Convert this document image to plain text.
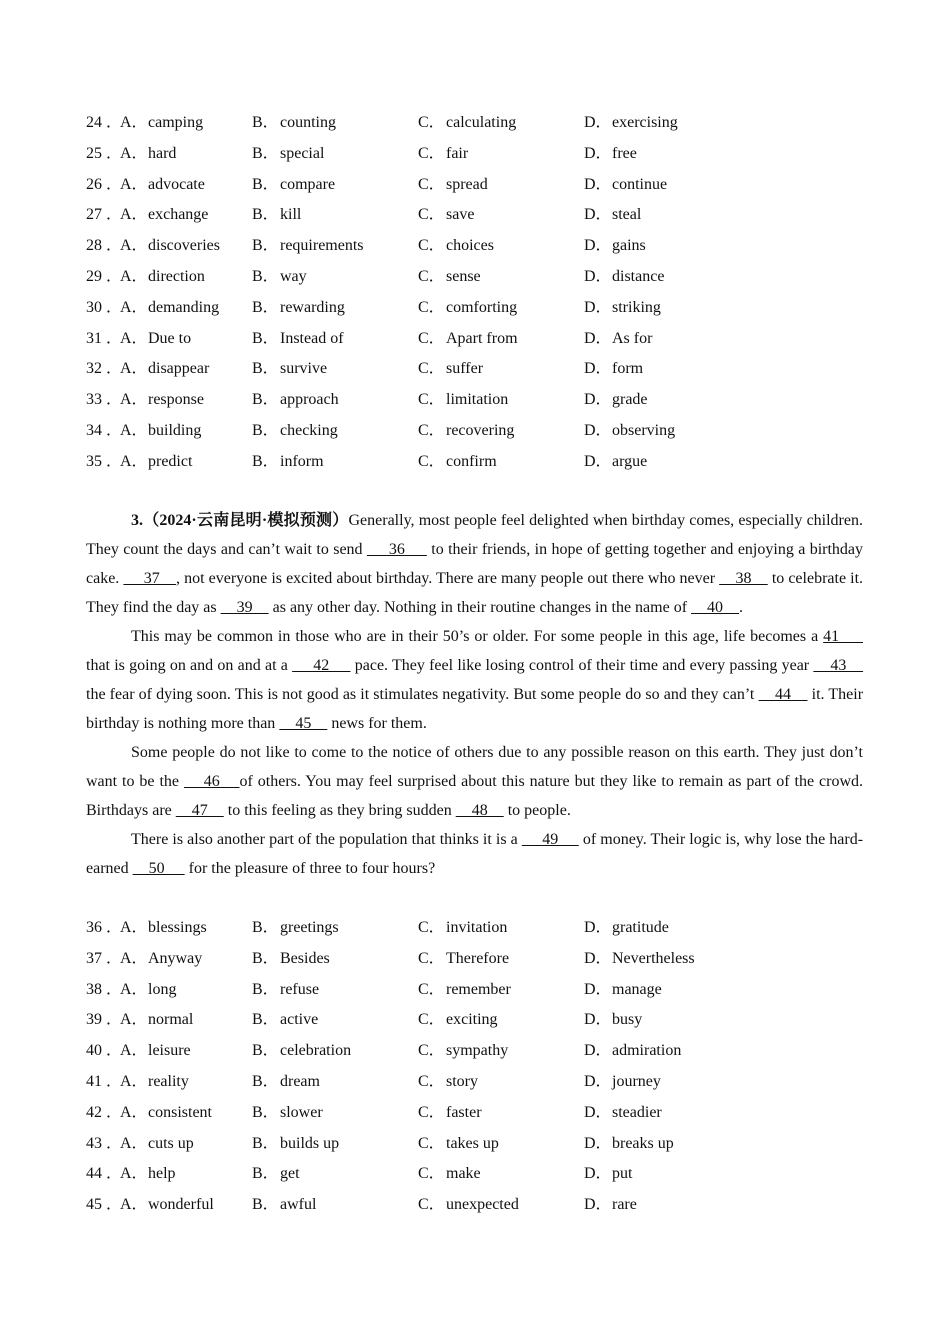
24 ．
A．camping	B．counting	C．calculating	D．exercising
25 ．
A．hard	B．special	C．fair	D．free
26 ．
A．advocate	B．compare	C．spread	D．continue
27 ．
A．exchange	B．kill	C．save	D．steal
28 ．
A．discoveries B．requirements	C．choices	D．gains
29 ．
A．direction	B．way	C．sense	D．distance
30 ．
A．demanding B．rewarding	C．comforting	D．striking
31 ．
A．Due to	B．Instead of	C．Apart from	D．As for
32 ．
A．disappear	B．survive	C．suffer	D．form
33 ．
A．response	B．approach	C．limitation	D．grade
34 ．
A．building	B．checking	C．recovering	D．observing
35 ．
A．predict	B．inform	C．confirm	D．argue

3.（2024·云南昆明·模拟预测）Generally, most people feel delighted when birthday comes, especially children. They count the days and can’t wait to send      36      to their friends, in hope of getting together and enjoying a birthday cake.      37    , not everyone is excited about birthday. There are many people out there who never     38     to celebrate it. They find the day as     39     as any other day. Nothing in their routine changes in the name of     40    .

This may be common in those who are in their 50’s or older. For some people in this age, life becomes a 41      that is going on and on and at a      42      pace. They feel like losing control of their time and every passing year     43     the fear of dying soon. This is not good as it stimulates negativity. But some people do so and they can’t     44     it. Their birthday is nothing more than     45     news for them.

Some people do not like to come to the notice of others due to any possible reason on this earth. They just don’t want to be the     46    of others. You may feel surprised about this nature but they like to remain as part of the crowd. Birthdays are     47     to this feeling as they bring sudden     48     to people.

There is also another part of the population that thinks it is a      49      of money. Their logic is, why lose the hard-earned     50      for the pleasure of three to four hours?

36 ．
A．blessings	B．greetings	C．invitation	D．gratitude
37 ．
A．Anyway	B．Besides	C．Therefore	D．Nevertheless
38 ．
A．long	B．refuse	C．remember	D．manage
39 ．
A．normal	B．active	C．exciting	D．busy
40 ．
A．leisure	B．celebration	C．sympathy	D．admiration
41 ．
A．reality	B．dream	C．story	D．journey
42 ．
A．consistent	B．slower	C．faster	D．steadier
43 ．
A．cuts up	B．builds up	C．takes up	D．breaks up
44 ．
A．help	B．get	C．make	D．put
45 ．
A．wonderful B．awful	C．unexpected	D．rare
